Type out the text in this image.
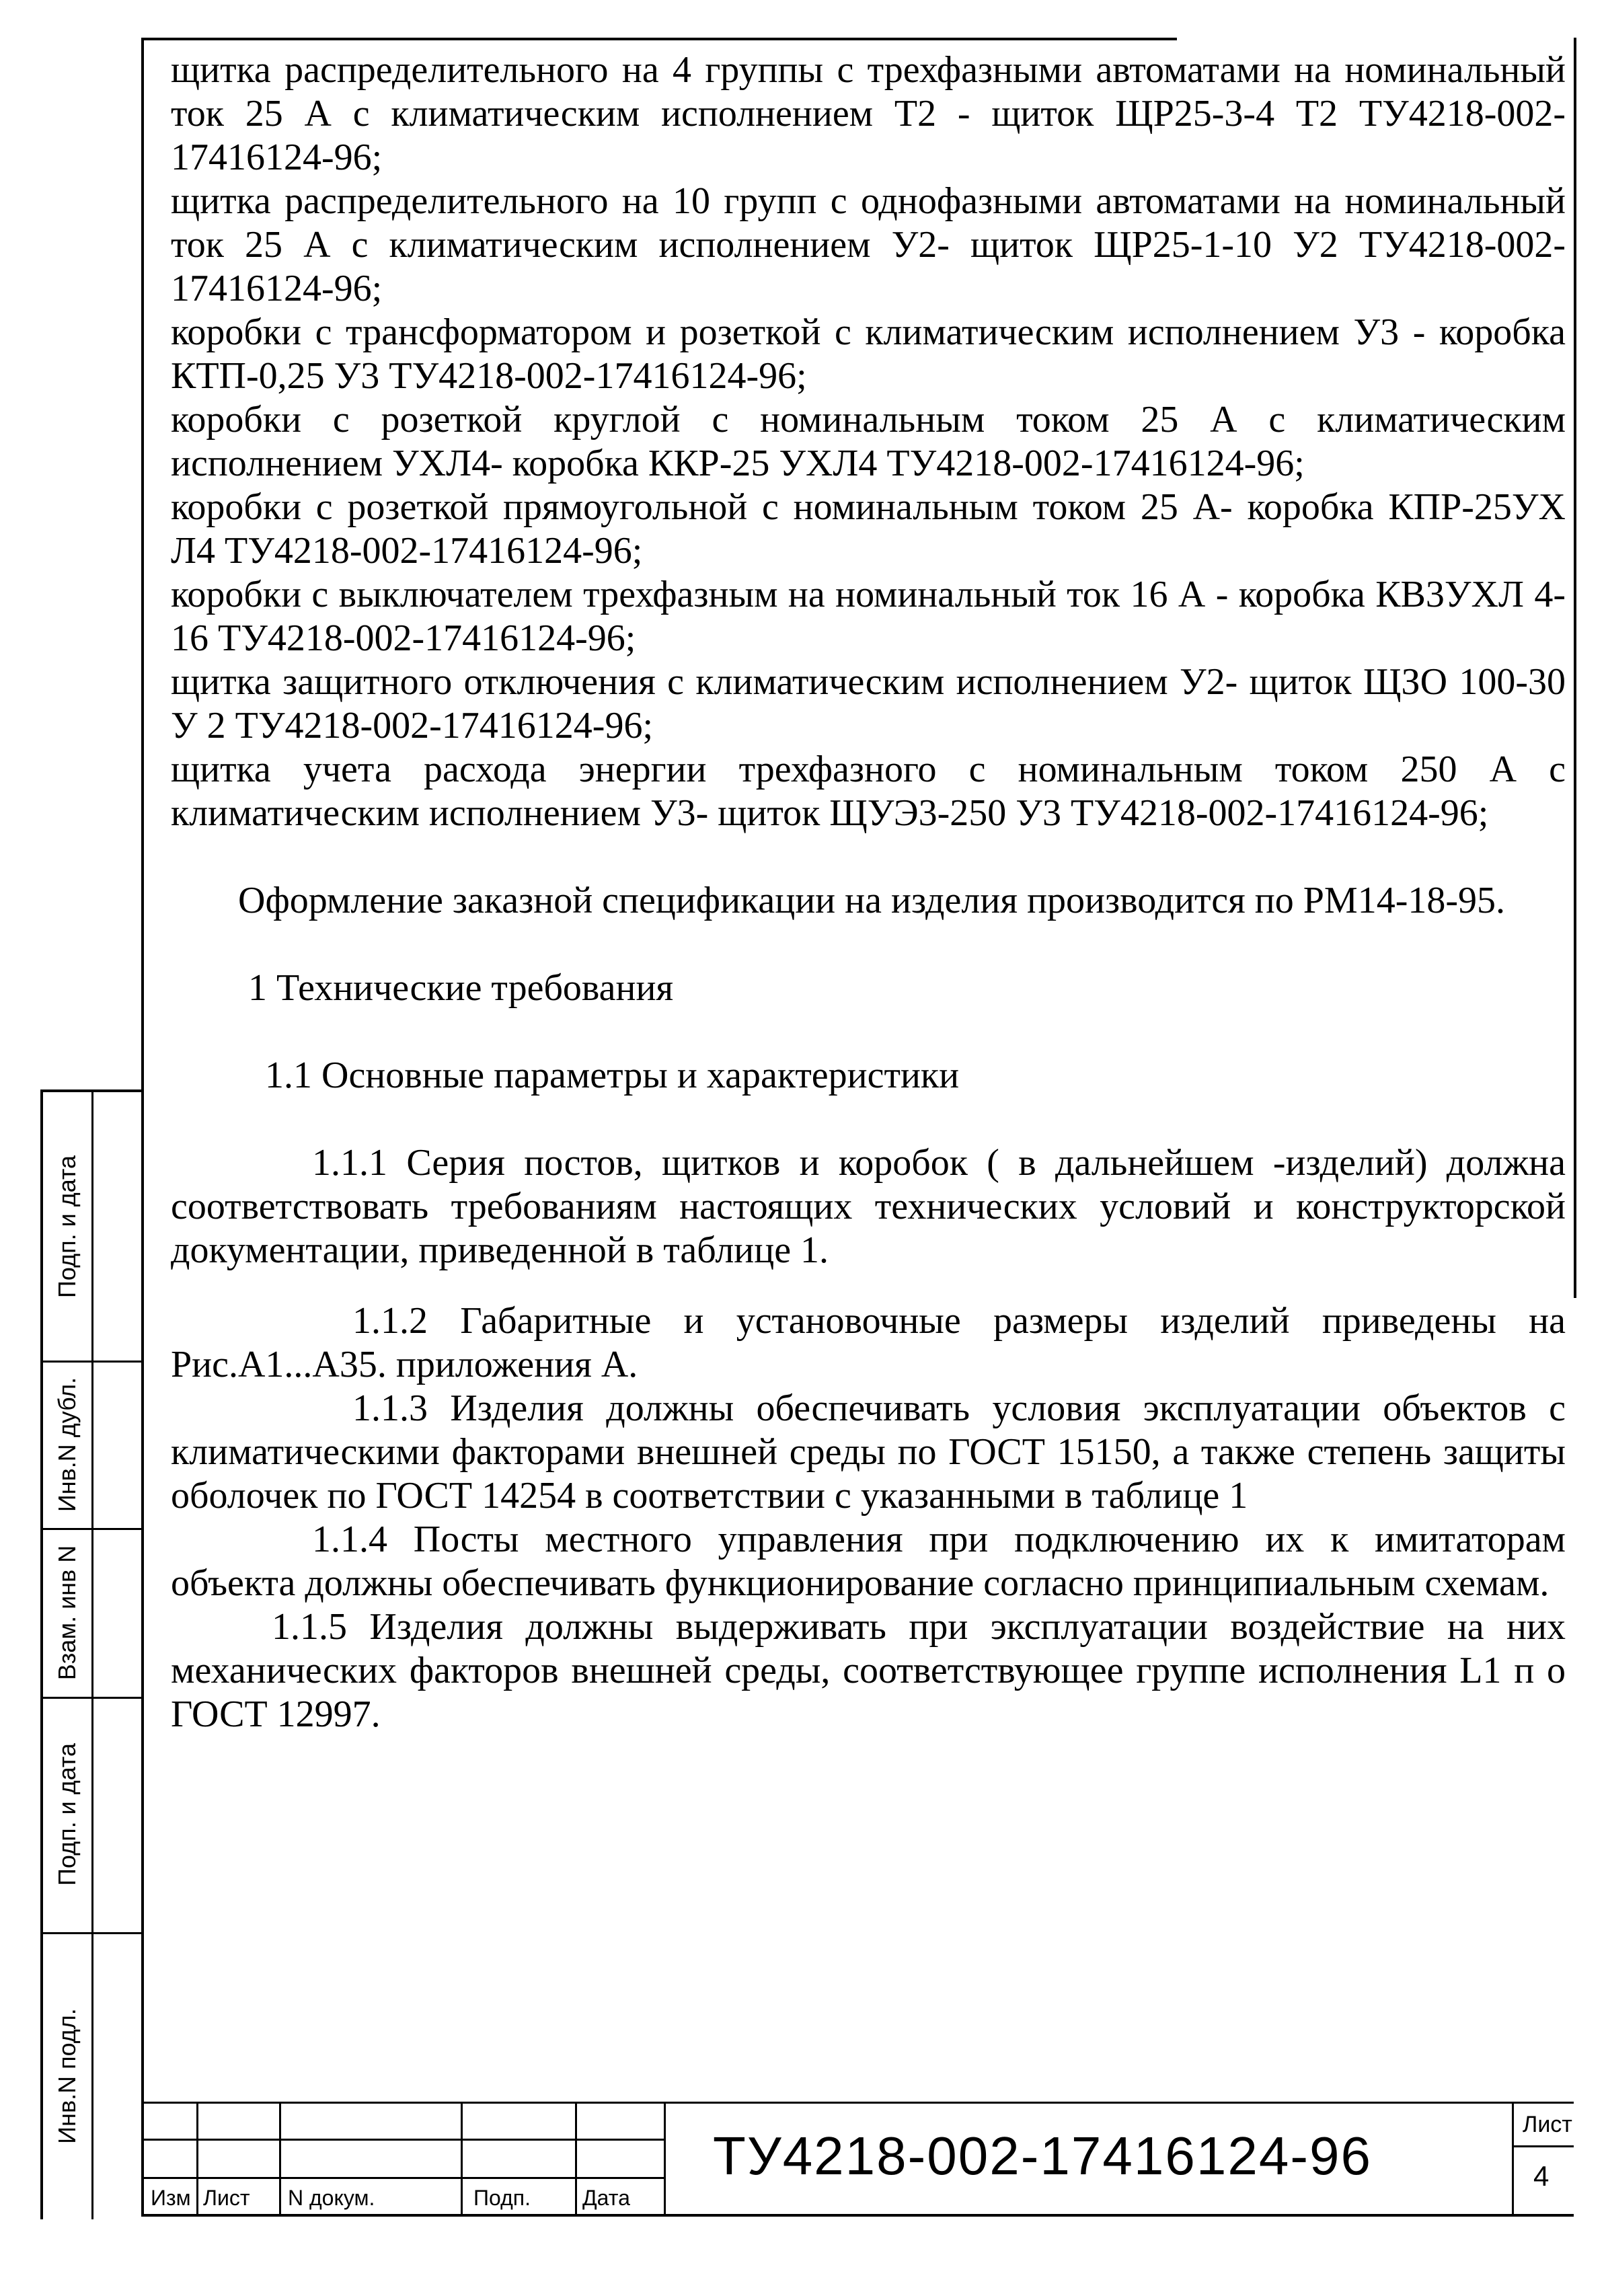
щитка распределительного на 4 группы с трехфазными автоматами на номинальный ток 25 А с климатическим исполнением Т2 - щиток ЩР25-3-4 Т2 ТУ4218-002-17416124-96;

щитка распределительного на 10 групп с однофазными автоматами на номинальный ток 25 А с климатическим исполнением У2- щиток ЩР25-1-10 У2 ТУ4218-002-17416124-96;

коробки с трансформатором и розеткой с климатическим исполнением У3 - коробка КТП-0,25 У3 ТУ4218-002-17416124-96;

коробки с розеткой круглой с номинальным током 25 А с климатическим исполнением УХЛ4- коробка ККР-25 УХЛ4 ТУ4218-002-17416124-96;

коробки с розеткой прямоугольной с номинальным током 25 А- коробка КПР-25УХ Л4 ТУ4218-002-17416124-96;

коробки с выключателем трехфазным на номинальный ток 16 А - коробка КВ3УХЛ 4-16 ТУ4218-002-17416124-96;

щитка защитного отключения с климатическим исполнением У2- щиток ЩЗО 100-30 У 2 ТУ4218-002-17416124-96;

щитка учета расхода энергии трехфазного с номинальным током 250 А с климатическим исполнением У3- щиток ЩУЭ3-250 У3 ТУ4218-002-17416124-96;

Оформление заказной спецификации на изделия производится по РМ14-18-95.

1 Технические требования

1.1 Основные параметры и характеристики

1.1.1 Серия постов, щитков и коробок ( в дальнейшем -изделий) должна соответствовать требованиям настоящих технических условий и конструкторской документации, приведенной в таблице 1.

1.1.2 Габаритные и установочные размеры изделий приведены на Рис.А1...А35. приложения А.

1.1.3 Изделия должны обеспечивать условия эксплуатации объектов с климатическими факторами внешней среды по ГОСТ 15150, а также степень защиты оболочек по ГОСТ 14254 в соответствии с указанными в таблице 1

1.1.4 Посты местного управления при подключению их к имитаторам объекта должны обеспечивать функционирование согласно принципиальным схемам.

1.1.5 Изделия должны выдерживать при эксплуатации воздействие на них механических факторов внешней среды, соответствующее группе исполнения L1 п о ГОСТ 12997.

Подп. и дата
Инв.N дубл.
Взам. инв N
Подп. и дата
Инв.N подл.
Изм Лист N докум.	Подп. Дата
ТУ4218-002-17416124-96
Лист
4
